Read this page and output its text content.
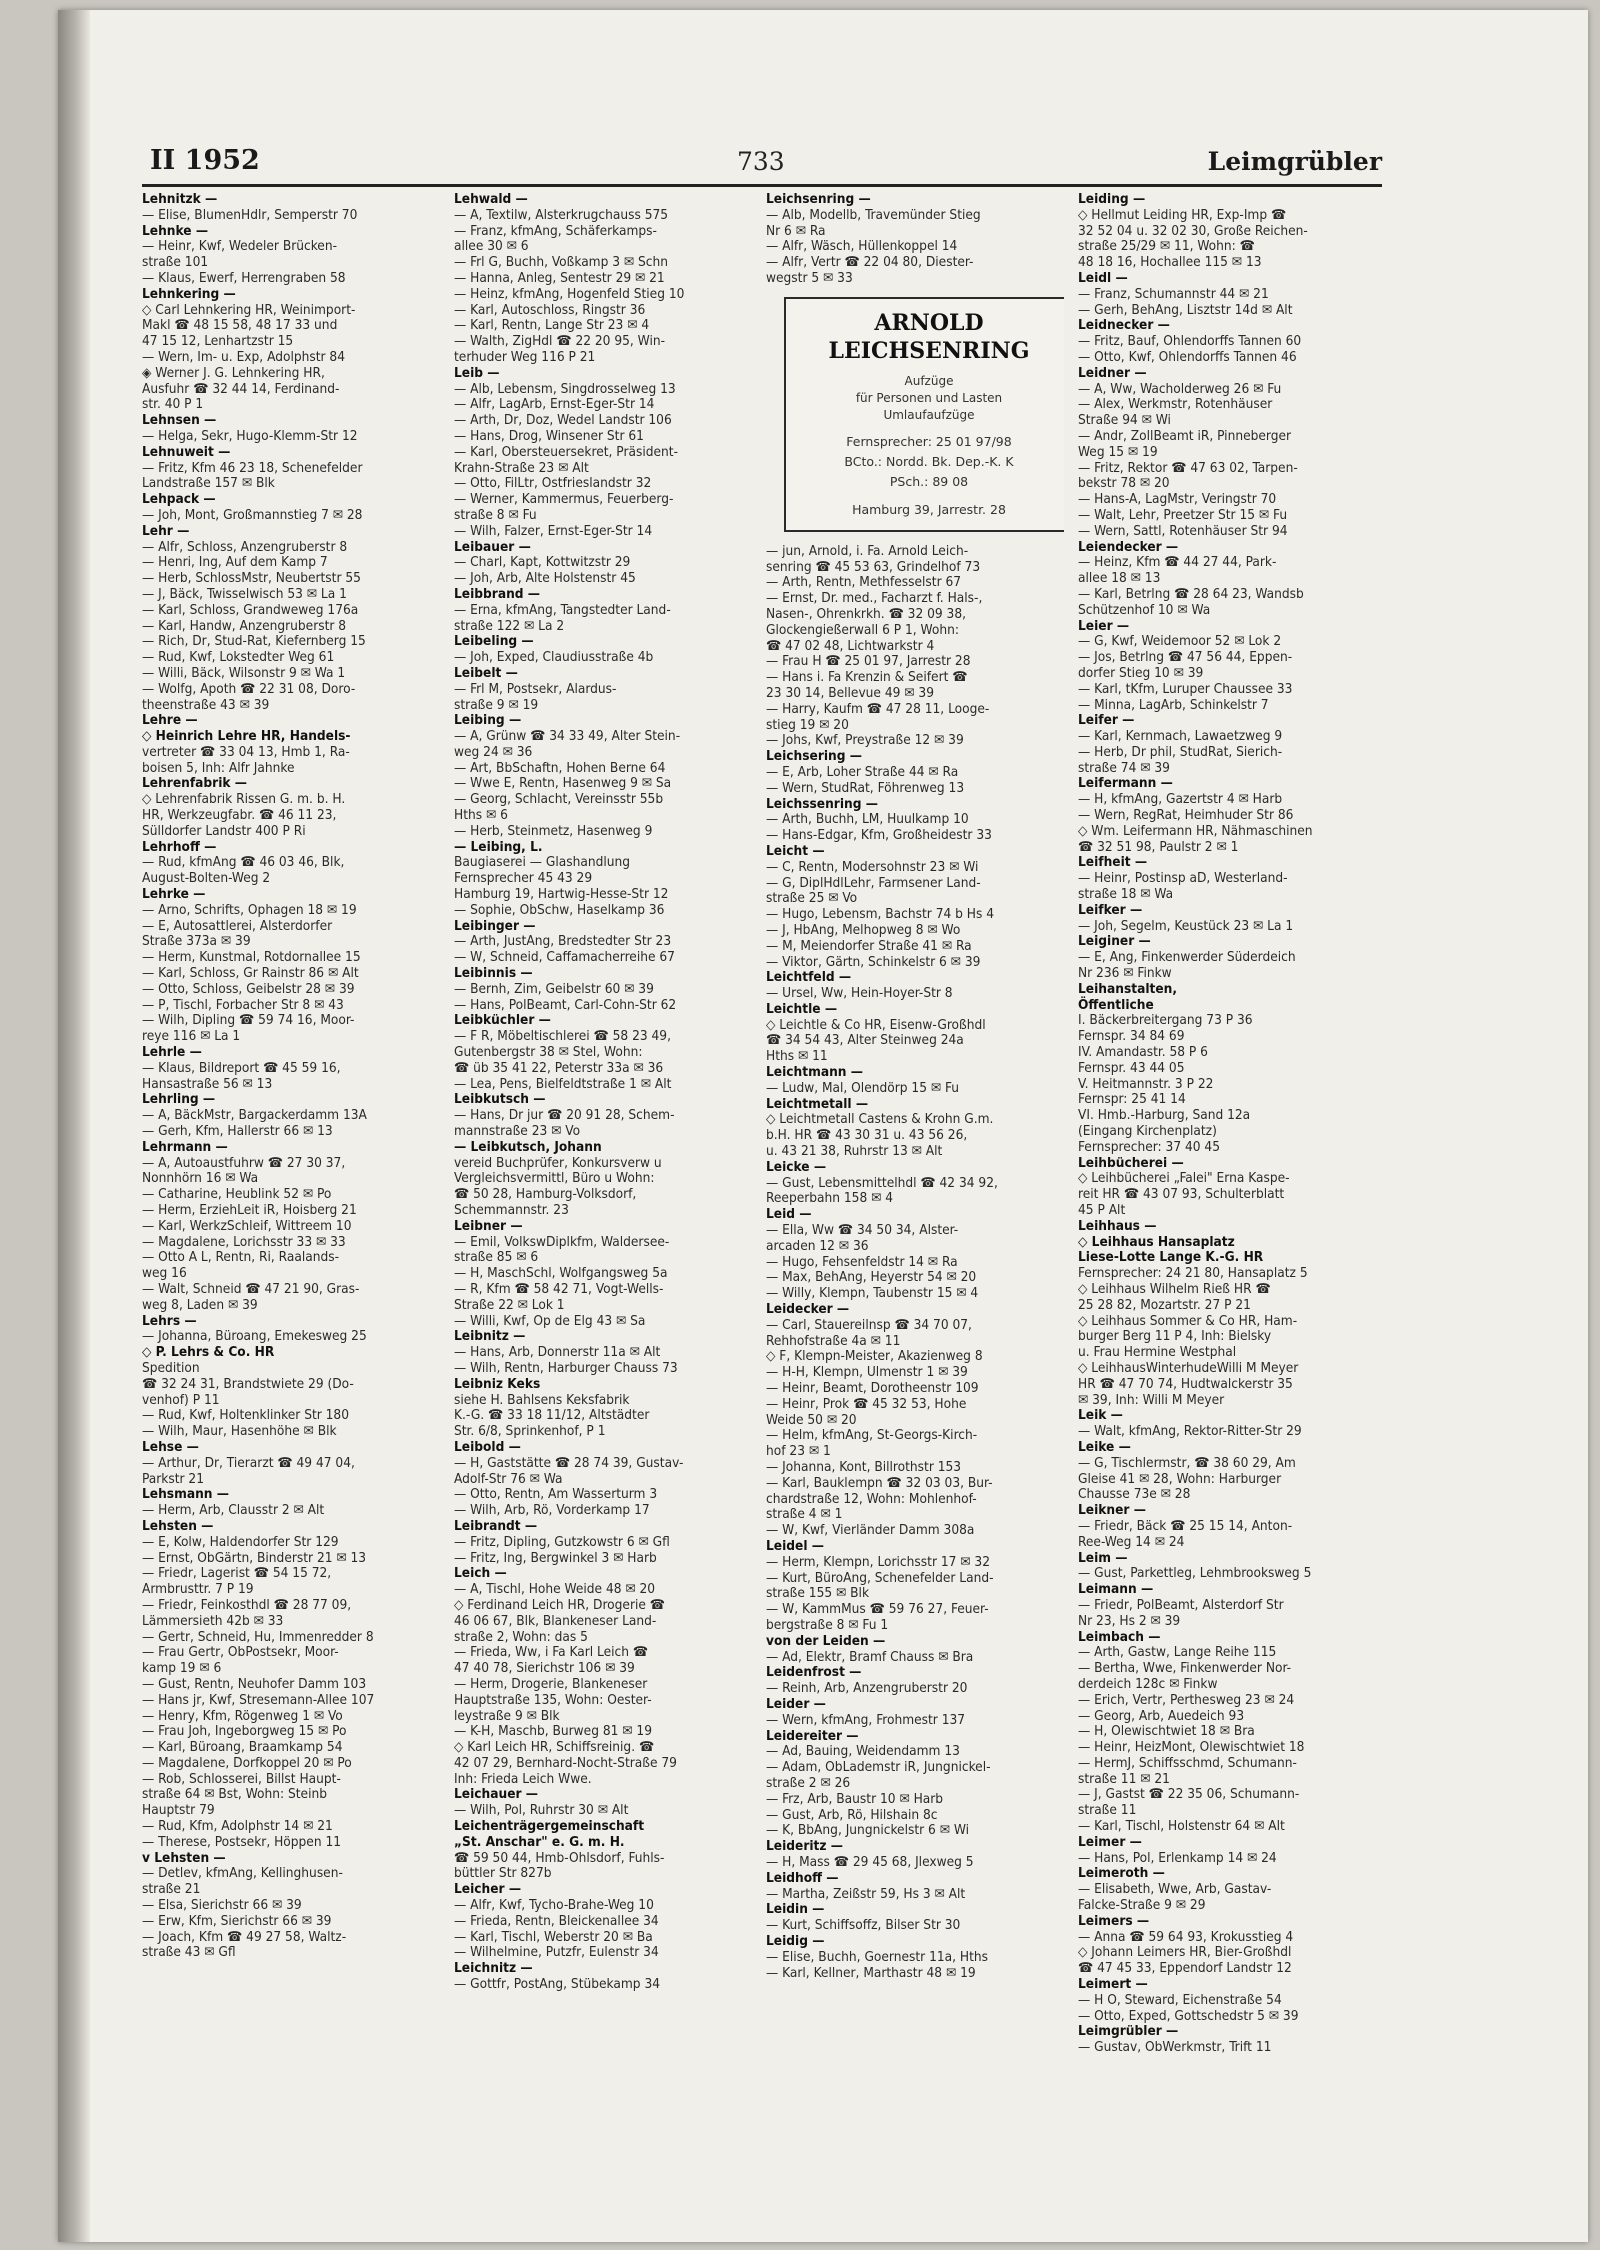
II 1952	733	Leimgrübler
Lehnitzk —
— Elise, BlumenHdlr, Semperstr 70
Lehnke —
— Heinr, Kwf, Wedeler Brücken-
straße 101
— Klaus, Ewerf, Herrengraben 58
Lehnkering —
◇ Carl Lehnkering HR, Weinimport-
Makl ☎ 48 15 58, 48 17 33 und
47 15 12, Lenhartzstr 15
— Wern, Im- u. Exp, Adolphstr 84
◈ Werner J. G. Lehnkering HR,
Ausfuhr ☎ 32 44 14, Ferdinand-
str. 40 P 1
Lehnsen —
— Helga, Sekr, Hugo-Klemm-Str 12
Lehnuweit —
— Fritz, Kfm 46 23 18, Schenefelder
Landstraße 157 ✉ Blk
Lehpack —
— Joh, Mont, Großmannstieg 7 ✉ 28
Lehr —
— Alfr, Schloss, Anzengruberstr 8
— Henri, Ing, Auf dem Kamp 7
— Herb, SchlossMstr, Neubertstr 55
— J, Bäck, Twisselwisch 53 ✉ La 1
— Karl, Schloss, Grandweweg 176a
— Karl, Handw, Anzengruberstr 8
— Rich, Dr, Stud-Rat, Kiefernberg 15
— Rud, Kwf, Lokstedter Weg 61
— Willi, Bäck, Wilsonstr 9 ✉ Wa 1
— Wolfg, Apoth ☎ 22 31 08, Doro-
theenstraße 43 ✉ 39
Lehre —
◇ Heinrich Lehre HR, Handels-
vertreter ☎ 33 04 13, Hmb 1, Ra-
boisen 5, Inh: Alfr Jahnke
Lehrenfabrik —
◇ Lehrenfabrik Rissen G. m. b. H.
HR, Werkzeugfabr. ☎ 46 11 23,
Sülldorfer Landstr 400 P Ri
Lehrhoff —
— Rud, kfmAng ☎ 46 03 46, Blk,
August-Bolten-Weg 2
Lehrke —
— Arno, Schrifts, Ophagen 18 ✉ 19
— E, Autosattlerei, Alsterdorfer
Straße 373a ✉ 39
— Herm, Kunstmal, Rotdornallee 15
— Karl, Schloss, Gr Rainstr 86 ✉ Alt
— Otto, Schloss, Geibelstr 28 ✉ 39
— P, Tischl, Forbacher Str 8 ✉ 43
— Wilh, Dipling ☎ 59 74 16, Moor-
reye 116 ✉ La 1
Lehrle —
— Klaus, Bildreport ☎ 45 59 16,
Hansastraße 56 ✉ 13
Lehrling —
— A, BäckMstr, Bargackerdamm 13A
— Gerh, Kfm, Hallerstr 66 ✉ 13
Lehrmann —
— A, Autoaustfuhrw ☎ 27 30 37,
Nonnhörn 16 ✉ Wa
— Catharine, Heublink 52 ✉ Po
— Herm, ErziehLeit iR, Hoisberg 21
— Karl, WerkzSchleif, Wittreem 10
— Magdalene, Lorichsstr 33 ✉ 33
— Otto A L, Rentn, Ri, Raalands-
weg 16
— Walt, Schneid ☎ 47 21 90, Gras-
weg 8, Laden ✉ 39
Lehrs —
— Johanna, Büroang, Emekesweg 25
◇ P. Lehrs & Co. HR
Spedition
☎ 32 24 31, Brandstwiete 29 (Do-
venhof) P 11
— Rud, Kwf, Holtenklinker Str 180
— Wilh, Maur, Hasenhöhe ✉ Blk
Lehse —
— Arthur, Dr, Tierarzt ☎ 49 47 04,
Parkstr 21
Lehsmann —
— Herm, Arb, Clausstr 2 ✉ Alt
Lehsten —
— E, Kolw, Haldendorfer Str 129
— Ernst, ObGärtn, Binderstr 21 ✉ 13
— Friedr, Lagerist ☎ 54 15 72,
Armbrusttr. 7 P 19
— Friedr, Feinkosthdl ☎ 28 77 09,
Lämmersieth 42b ✉ 33
— Gertr, Schneid, Hu, Immenredder 8
— Frau Gertr, ObPostsekr, Moor-
kamp 19 ✉ 6
— Gust, Rentn, Neuhofer Damm 103
— Hans jr, Kwf, Stresemann-Allee 107
— Henry, Kfm, Rögenweg 1 ✉ Vo
— Frau Joh, Ingeborgweg 15 ✉ Po
— Karl, Büroang, Braamkamp 54
— Magdalene, Dorfkoppel 20 ✉ Po
— Rob, Schlosserei, Billst Haupt-
straße 64 ✉ Bst, Wohn: Steinb
Hauptstr 79
— Rud, Kfm, Adolphstr 14 ✉ 21
— Therese, Postsekr, Höppen 11
v Lehsten —
— Detlev, kfmAng, Kellinghusen-
straße 21
— Elsa, Sierichstr 66 ✉ 39
— Erw, Kfm, Sierichstr 66 ✉ 39
— Joach, Kfm ☎ 49 27 58, Waltz-
straße 43 ✉ Gfl
Lehwald —
— A, Textilw, Alsterkrugchauss 575
— Franz, kfmAng, Schäferkamps-
allee 30 ✉ 6
— Frl G, Buchh, Voßkamp 3 ✉ Schn
— Hanna, Anleg, Sentestr 29 ✉ 21
— Heinz, kfmAng, Hogenfeld Stieg 10
— Karl, Autoschloss, Ringstr 36
— Karl, Rentn, Lange Str 23 ✉ 4
— Walth, ZigHdl ☎ 22 20 95, Win-
terhuder Weg 116 P 21
Leib —
— Alb, Lebensm, Singdrosselweg 13
— Alfr, LagArb, Ernst-Eger-Str 14
— Arth, Dr, Doz, Wedel Landstr 106
— Hans, Drog, Winsener Str 61
— Karl, Obersteuersekret, Präsident-
Krahn-Straße 23 ✉ Alt
— Otto, FilLtr, Ostfrieslandstr 32
— Werner, Kammermus, Feuerberg-
straße 8 ✉ Fu
— Wilh, Falzer, Ernst-Eger-Str 14
Leibauer —
— Charl, Kapt, Kottwitzstr 29
— Joh, Arb, Alte Holstenstr 45
Leibbrand —
— Erna, kfmAng, Tangstedter Land-
straße 122 ✉ La 2
Leibeling —
— Joh, Exped, Claudiusstraße 4b
Leibelt —
— Frl M, Postsekr, Alardus-
straße 9 ✉ 19
Leibing —
— A, Grünw ☎ 34 33 49, Alter Stein-
weg 24 ✉ 36
— Art, BbSchaftn, Hohen Berne 64
— Wwe E, Rentn, Hasenweg 9 ✉ Sa
— Georg, Schlacht, Vereinsstr 55b
Hths ✉ 6
— Herb, Steinmetz, Hasenweg 9
— Leibing, L.
Baugiaserei — Glashandlung
Fernsprecher 45 43 29
Hamburg 19, Hartwig-Hesse-Str 12
— Sophie, ObSchw, Haselkamp 36
Leibinger —
— Arth, JustAng, Bredstedter Str 23
— W, Schneid, Caffamacherreihe 67
Leibinnis —
— Bernh, Zim, Geibelstr 60 ✉ 39
— Hans, PolBeamt, Carl-Cohn-Str 62
Leibküchler —
— F R, Möbeltischlerei ☎ 58 23 49,
Gutenbergstr 38 ✉ Stel, Wohn:
☎ üb 35 41 22, Peterstr 33a ✉ 36
— Lea, Pens, Bielfeldtstraße 1 ✉ Alt
Leibkutsch —
— Hans, Dr jur ☎ 20 91 28, Schem-
mannstraße 23 ✉ Vo
— Leibkutsch, Johann
vereid Buchprüfer, Konkursverw u
Vergleichsvermittl, Büro u Wohn:
☎ 50 28, Hamburg-Volksdorf,
Schemmannstr. 23
Leibner —
— Emil, VolkswDiplkfm, Waldersee-
straße 85 ✉ 6
— H, MaschSchl, Wolfgangsweg 5a
— R, Kfm ☎ 58 42 71, Vogt-Wells-
Straße 22 ✉ Lok 1
— Willi, Kwf, Op de Elg 43 ✉ Sa
Leibnitz —
— Hans, Arb, Donnerstr 11a ✉ Alt
— Wilh, Rentn, Harburger Chauss 73
Leibniz Keks
siehe H. Bahlsens Keksfabrik
K.-G. ☎ 33 18 11/12, Altstädter
Str. 6/8, Sprinkenhof, P 1
Leibold —
— H, Gaststätte ☎ 28 74 39, Gustav-
Adolf-Str 76 ✉ Wa
— Otto, Rentn, Am Wasserturm 3
— Wilh, Arb, Rö, Vorderkamp 17
Leibrandt —
— Fritz, Dipling, Gutzkowstr 6 ✉ Gfl
— Fritz, Ing, Bergwinkel 3 ✉ Harb
Leich —
— A, Tischl, Hohe Weide 48 ✉ 20
◇ Ferdinand Leich HR, Drogerie ☎
46 06 67, Blk, Blankeneser Land-
straße 2, Wohn: das 5
— Frieda, Ww, i Fa Karl Leich ☎
47 40 78, Sierichstr 106 ✉ 39
— Herm, Drogerie, Blankeneser
Hauptstraße 135, Wohn: Oester-
leystraße 9 ✉ Blk
— K-H, Maschb, Burweg 81 ✉ 19
◇ Karl Leich HR, Schiffsreinig. ☎
42 07 29, Bernhard-Nocht-Straße 79
Inh: Frieda Leich Wwe.
Leichauer —
— Wilh, Pol, Ruhrstr 30 ✉ Alt
Leichenträgergemeinschaft
„St. Anschar" e. G. m. H.
☎ 59 50 44, Hmb-Ohlsdorf, Fuhls-
büttler Str 827b
Leicher —
— Alfr, Kwf, Tycho-Brahe-Weg 10
— Frieda, Rentn, Bleickenallee 34
— Karl, Tischl, Weberstr 20 ✉ Ba
— Wilhelmine, Putzfr, Eulenstr 34
Leichnitz —
— Gottfr, PostAng, Stübekamp 34
Leichsenring —
— Alb, Modellb, Travemünder Stieg
Nr 6 ✉ Ra
— Alfr, Wäsch, Hüllenkoppel 14
— Alfr, Vertr ☎ 22 04 80, Diester-
wegstr 5 ✉ 33
ARNOLD
LEICHSENRING
Aufzüge
für Personen und Lasten
Umlaufaufzüge
Fernsprecher: 25 01 97/98
BCto.: Nordd. Bk. Dep.-K. K
PSch.: 89 08
Hamburg 39, Jarrestr. 28
— jun, Arnold, i. Fa. Arnold Leich-
senring ☎ 45 53 63, Grindelhof 73
— Arth, Rentn, Methfesselstr 67
— Ernst, Dr. med., Facharzt f. Hals-,
Nasen-, Ohrenkrkh. ☎ 32 09 38,
Glockengießerwall 6 P 1, Wohn:
☎ 47 02 48, Lichtwarkstr 4
— Frau H ☎ 25 01 97, Jarrestr 28
— Hans i. Fa Krenzin & Seifert ☎
23 30 14, Bellevue 49 ✉ 39
— Harry, Kaufm ☎ 47 28 11, Looge-
stieg 19 ✉ 20
— Johs, Kwf, Preystraße 12 ✉ 39
Leichsering —
— E, Arb, Loher Straße 44 ✉ Ra
— Wern, StudRat, Föhrenweg 13
Leichssenring —
— Arth, Buchh, LM, Huulkamp 10
— Hans-Edgar, Kfm, Großheidestr 33
Leicht —
— C, Rentn, Modersohnstr 23 ✉ Wi
— G, DiplHdlLehr, Farmsener Land-
straße 25 ✉ Vo
— Hugo, Lebensm, Bachstr 74 b Hs 4
— J, HbAng, Melhopweg 8 ✉ Wo
— M, Meiendorfer Straße 41 ✉ Ra
— Viktor, Gärtn, Schinkelstr 6 ✉ 39
Leichtfeld —
— Ursel, Ww, Hein-Hoyer-Str 8
Leichtle —
◇ Leichtle & Co HR, Eisenw-Großhdl
☎ 34 54 43, Alter Steinweg 24a
Hths ✉ 11
Leichtmann —
— Ludw, Mal, Olendörp 15 ✉ Fu
Leichtmetall —
◇ Leichtmetall Castens & Krohn G.m.
b.H. HR ☎ 43 30 31 u. 43 56 26,
u. 43 21 38, Ruhrstr 13 ✉ Alt
Leicke —
— Gust, Lebensmittelhdl ☎ 42 34 92,
Reeperbahn 158 ✉ 4
Leid —
— Ella, Ww ☎ 34 50 34, Alster-
arcaden 12 ✉ 36
— Hugo, Fehsenfeldstr 14 ✉ Ra
— Max, BehAng, Heyerstr 54 ✉ 20
— Willy, Klempn, Taubenstr 15 ✉ 4
Leidecker —
— Carl, Stauereilnsp ☎ 34 70 07,
Rehhofstraße 4a ✉ 11
◇ F, Klempn-Meister, Akazienweg 8
— H-H, Klempn, Ulmenstr 1 ✉ 39
— Heinr, Beamt, Dorotheenstr 109
— Heinr, Prok ☎ 45 32 53, Hohe
Weide 50 ✉ 20
— Helm, kfmAng, St-Georgs-Kirch-
hof 23 ✉ 1
— Johanna, Kont, Billrothstr 153
— Karl, Bauklempn ☎ 32 03 03, Bur-
chardstraße 12, Wohn: Mohlenhof-
straße 4 ✉ 1
— W, Kwf, Vierländer Damm 308a
Leidel —
— Herm, Klempn, Lorichsstr 17 ✉ 32
— Kurt, BüroAng, Schenefelder Land-
straße 155 ✉ Blk
— W, KammMus ☎ 59 76 27, Feuer-
bergstraße 8 ✉ Fu 1
von der Leiden —
— Ad, Elektr, Bramf Chauss ✉ Bra
Leidenfrost —
— Reinh, Arb, Anzengruberstr 20
Leider —
— Wern, kfmAng, Frohmestr 137
Leidereiter —
— Ad, Bauing, Weidendamm 13
— Adam, ObLademstr iR, Jungnickel-
straße 2 ✉ 26
— Frz, Arb, Baustr 10 ✉ Harb
— Gust, Arb, Rö, Hilshain 8c
— K, BbAng, Jungnickelstr 6 ✉ Wi
Leideritz —
— H, Mass ☎ 29 45 68, Jlexweg 5
Leidhoff —
— Martha, Zeißstr 59, Hs 3 ✉ Alt
Leidin —
— Kurt, Schiffsoffz, Bilser Str 30
Leidig —
— Elise, Buchh, Goernestr 11a, Hths
— Karl, Kellner, Marthastr 48 ✉ 19
Leiding —
◇ Hellmut Leiding HR, Exp-Imp ☎
32 52 04 u. 32 02 30, Große Reichen-
straße 25/29 ✉ 11, Wohn: ☎
48 18 16, Hochallee 115 ✉ 13
Leidl —
— Franz, Schumannstr 44 ✉ 21
— Gerh, BehAng, Lisztstr 14d ✉ Alt
Leidnecker —
— Fritz, Bauf, Ohlendorffs Tannen 60
— Otto, Kwf, Ohlendorffs Tannen 46
Leidner —
— A, Ww, Wacholderweg 26 ✉ Fu
— Alex, Werkmstr, Rotenhäuser
Straße 94 ✉ Wi
— Andr, ZollBeamt iR, Pinneberger
Weg 15 ✉ 19
— Fritz, Rektor ☎ 47 63 02, Tarpen-
bekstr 78 ✉ 20
— Hans-A, LagMstr, Veringstr 70
— Walt, Lehr, Preetzer Str 15 ✉ Fu
— Wern, Sattl, Rotenhäuser Str 94
Leiendecker —
— Heinz, Kfm ☎ 44 27 44, Park-
allee 18 ✉ 13
— Karl, Betrlng ☎ 28 64 23, Wandsb
Schützenhof 10 ✉ Wa
Leier —
— G, Kwf, Weidemoor 52 ✉ Lok 2
— Jos, Betrlng ☎ 47 56 44, Eppen-
dorfer Stieg 10 ✉ 39
— Karl, tKfm, Luruper Chaussee 33
— Minna, LagArb, Schinkelstr 7
Leifer —
— Karl, Kernmach, Lawaetzweg 9
— Herb, Dr phil, StudRat, Sierich-
straße 74 ✉ 39
Leifermann —
— H, kfmAng, Gazertstr 4 ✉ Harb
— Wern, RegRat, Heimhuder Str 86
◇ Wm. Leifermann HR, Nähmaschinen
☎ 32 51 98, Paulstr 2 ✉ 1
Leifheit —
— Heinr, Postinsp aD, Westerland-
straße 18 ✉ Wa
Leifker —
— Joh, Segelm, Keustück 23 ✉ La 1
Leiginer —
— E, Ang, Finkenwerder Süderdeich
Nr 236 ✉ Finkw
Leihanstalten,
Öffentliche
I. Bäckerbreitergang 73 P 36
Fernspr. 34 84 69
IV. Amandastr. 58 P 6
Fernspr. 43 44 05
V. Heitmannstr. 3 P 22
Fernspr: 25 41 14
VI. Hmb.-Harburg, Sand 12a
(Eingang Kirchenplatz)
Fernsprecher: 37 40 45
Leihbücherei —
◇ Leihbücherei „Falei" Erna Kaspe-
reit HR ☎ 43 07 93, Schulterblatt
45 P Alt
Leihhaus —
◇ Leihhaus Hansaplatz
Liese-Lotte Lange K.-G. HR
Fernsprecher: 24 21 80, Hansaplatz 5
◇ Leihhaus Wilhelm Rieß HR ☎
25 28 82, Mozartstr. 27 P 21
◇ Leihhaus Sommer & Co HR, Ham-
burger Berg 11 P 4, Inh: Bielsky
u. Frau Hermine Westphal
◇ LeihhausWinterhudeWilli M Meyer
HR ☎ 47 70 74, Hudtwalckerstr 35
✉ 39, Inh: Willi M Meyer
Leik —
— Walt, kfmAng, Rektor-Ritter-Str 29
Leike —
— G, Tischlermstr, ☎ 38 60 29, Am
Gleise 41 ✉ 28, Wohn: Harburger
Chausse 73e ✉ 28
Leikner —
— Friedr, Bäck ☎ 25 15 14, Anton-
Ree-Weg 14 ✉ 24
Leim —
— Gust, Parkettleg, Lehmbrooksweg 5
Leimann —
— Friedr, PolBeamt, Alsterdorf Str
Nr 23, Hs 2 ✉ 39
Leimbach —
— Arth, Gastw, Lange Reihe 115
— Bertha, Wwe, Finkenwerder Nor-
derdeich 128c ✉ Finkw
— Erich, Vertr, Perthesweg 23 ✉ 24
— Georg, Arb, Auedeich 93
— H, Olewischtwiet 18 ✉ Bra
— Heinr, HeizMont, Olewischtwiet 18
— HermJ, Schiffsschmd, Schumann-
straße 11 ✉ 21
— J, Gastst ☎ 22 35 06, Schumann-
straße 11
— Karl, Tischl, Holstenstr 64 ✉ Alt
Leimer —
— Hans, Pol, Erlenkamp 14 ✉ 24
Leimeroth —
— Elisabeth, Wwe, Arb, Gastav-
Falcke-Straße 9 ✉ 29
Leimers —
— Anna ☎ 59 64 93, Krokusstieg 4
◇ Johann Leimers HR, Bier-Großhdl
☎ 47 45 33, Eppendorf Landstr 12
Leimert —
— H O, Steward, Eichenstraße 54
— Otto, Exped, Gottschedstr 5 ✉ 39
Leimgrübler —
— Gustav, ObWerkmstr, Trift 11
